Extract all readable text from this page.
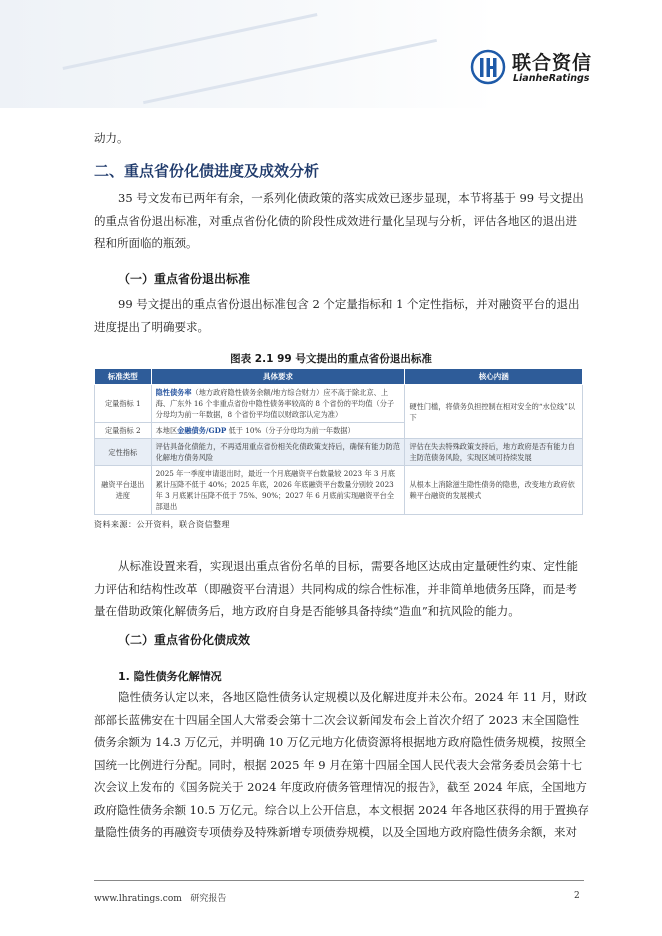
联合资信
LianheRatings
动力。
二、重点省份化债进度及成效分析
35 号文发布已两年有余，一系列化债政策的落实成效已逐步显现，本节将基于 99 号文提出
的重点省份退出标准，对重点省份化债的阶段性成效进行量化呈现与分析，评估各地区的退出进
程和所面临的瓶颈。
（一）重点省份退出标准
99 号文提出的重点省份退出标准包含 2 个定量指标和 1 个定性指标，并对融资平台的退出
进度提出了明确要求。
图表 2.1 99 号文提出的重点省份退出标准
标准类型	具体要求	核心内涵
定量指标 1	隐性债务率（地方政府隐性债务余额/地方综合财力）应不高于除北京、上海、广东外 16 个非重点省份中隐性债务率较高的 8 个省份的平均值（分子分母均为前一年数据，8 个省份平均值以财政部认定为准）	硬性门槛，将债务负担控制在相对安全的“水位线”以下
定量指标 2	本地区金融债务/GDP 低于 10%（分子分母均为前一年数据）	
定性指标	评估具备化债能力，不再适用重点省份相关化债政策支持后，确保有能力防范化解地方债务风险	评估在失去特殊政策支持后，地方政府是否有能力自主防范债务风险，实现区域可持续发展
融资平台退出进度	2025 年一季度申请退出时，最近一个月底融资平台数量较 2023 年 3 月底累计压降不低于 40%；2025 年底，2026 年底融资平台数量分别较 2023 年 3 月底累计压降不低于 75%、90%；2027 年 6 月底前实现融资平台全部退出	从根本上消除滋生隐性债务的隐患，改变地方政府依赖平台融资的发展模式
资料来源：公开资料，联合资信整理
从标准设置来看，实现退出重点省份名单的目标，需要各地区达成由定量硬性约束、定性能
力评估和结构性改革（即融资平台清退）共同构成的综合性标准，并非简单地债务压降，而是考
量在借助政策化解债务后，地方政府自身是否能够具备持续“造血”和抗风险的能力。
（二）重点省份化债成效
1. 隐性债务化解情况
隐性债务认定以来，各地区隐性债务认定规模以及化解进度并未公布。2024 年 11 月，财政
部部长蓝佛安在十四届全国人大常委会第十二次会议新闻发布会上首次介绍了 2023 末全国隐性
债务余额为 14.3 万亿元，并明确 10 万亿元地方化债资源将根据地方政府隐性债务规模，按照全
国统一比例进行分配。同时，根据 2025 年 9 月在第十四届全国人民代表大会常务委员会第十七
次会议上发布的《国务院关于 2024 年度政府债务管理情况的报告》，截至 2024 年底，全国地方
政府隐性债务余额 10.5 万亿元。综合以上公开信息，本文根据 2024 年各地区获得的用于置换存
量隐性债务的再融资专项债券及特殊新增专项债券规模，以及全国地方政府隐性债务余额，来对
www.lhratings.com 研究报告	2
